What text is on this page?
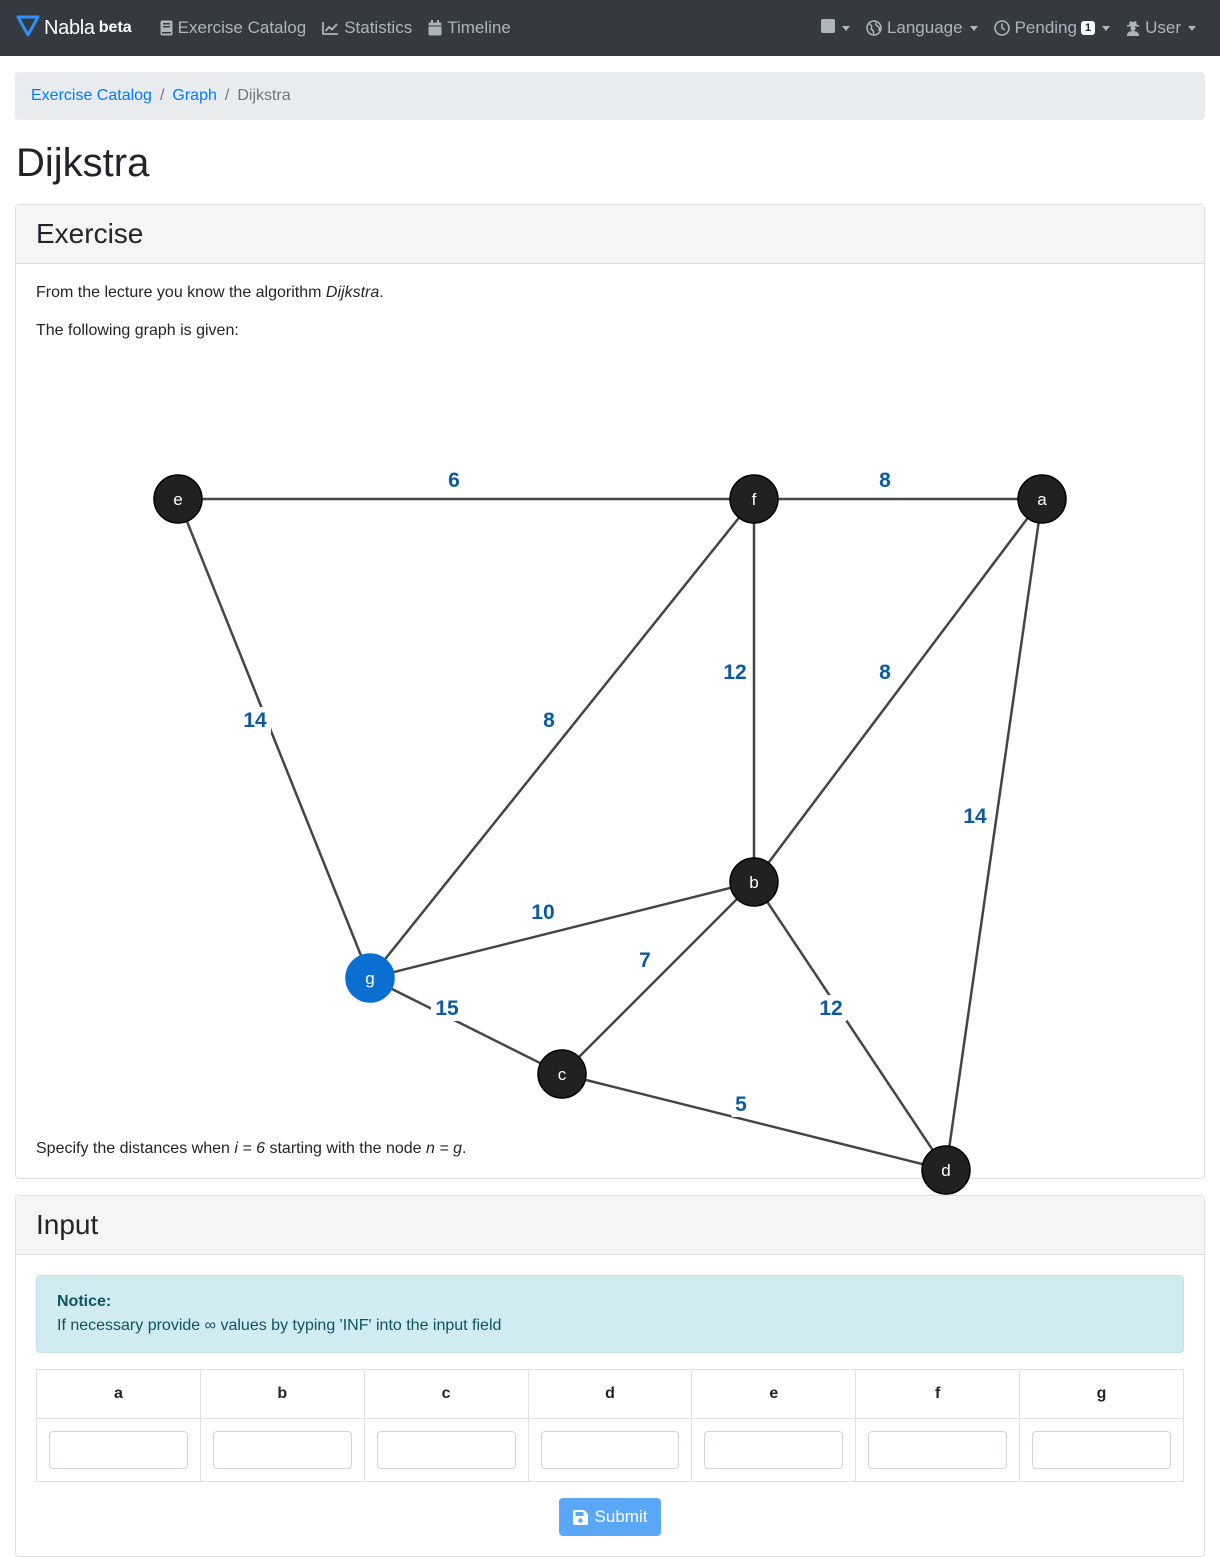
Nabla beta	Exercise Catalog Statistics Timeline	Language	Pending 1	User
Exercise Catalog / Graph / Dijkstra
Dijkstra
Exercise

From the lecture you know the algorithm Dijkstra.

The following graph is given:

6	8
14	8
12	8
14
10
7
15	12
5
e	f	a
b
g
c
d

Specify the distances when i = 6 starting with the node n = g.

Input
Notice:
If necessary provide ∞ values by typing 'INF' into the input field
a	b	c	d	e	f	g

Submit
